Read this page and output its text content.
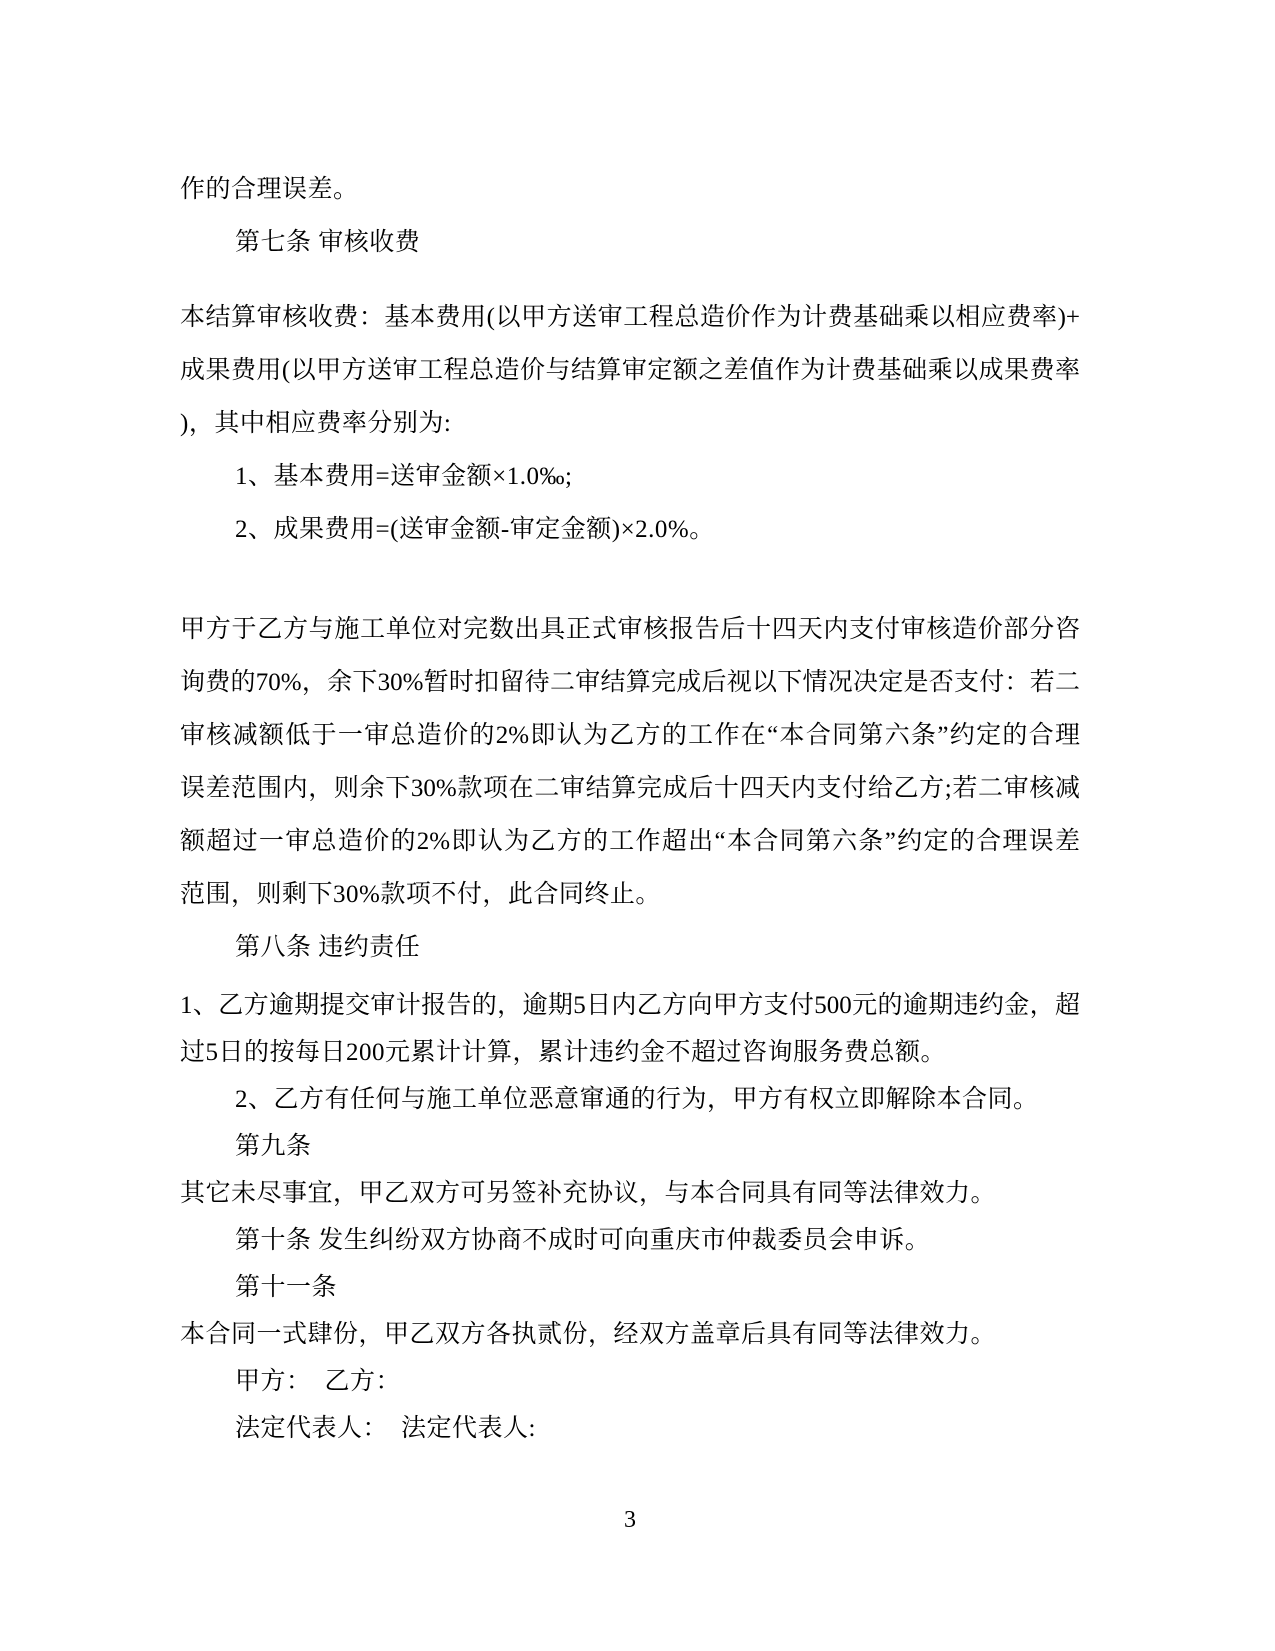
作的合理误差。
第七条 审核收费
本结算审核收费：基本费用(以甲方送审工程总造价作为计费基础乘以相应费率)+
成果费用(以甲方送审工程总造价与结算审定额之差值作为计费基础乘以成果费率
)，其中相应费率分别为:
1、基本费用=送审金额×1.0‰;
2、成果费用=(送审金额-审定金额)×2.0%。
甲方于乙方与施工单位对完数出具正式审核报告后十四天内支付审核造价部分咨
询费的70%，余下30%暂时扣留待二审结算完成后视以下情况决定是否支付：若二
审核减额低于一审总造价的2%即认为乙方的工作在“本合同第六条”约定的合理
误差范围内，则余下30%款项在二审结算完成后十四天内支付给乙方;若二审核减
额超过一审总造价的2%即认为乙方的工作超出“本合同第六条”约定的合理误差
范围，则剩下30%款项不付，此合同终止。
第八条 违约责任
1、乙方逾期提交审计报告的，逾期5日内乙方向甲方支付500元的逾期违约金，超
过5日的按每日200元累计计算，累计违约金不超过咨询服务费总额。
2、乙方有任何与施工单位恶意窜通的行为，甲方有权立即解除本合同。
第九条
其它未尽事宜，甲乙双方可另签补充协议，与本合同具有同等法律效力。
第十条 发生纠纷双方协商不成时可向重庆市仲裁委员会申诉。
第十一条
本合同一式肆份，甲乙双方各执贰份，经双方盖章后具有同等法律效力。
甲方：　乙方：
法定代表人：　法定代表人:
3
